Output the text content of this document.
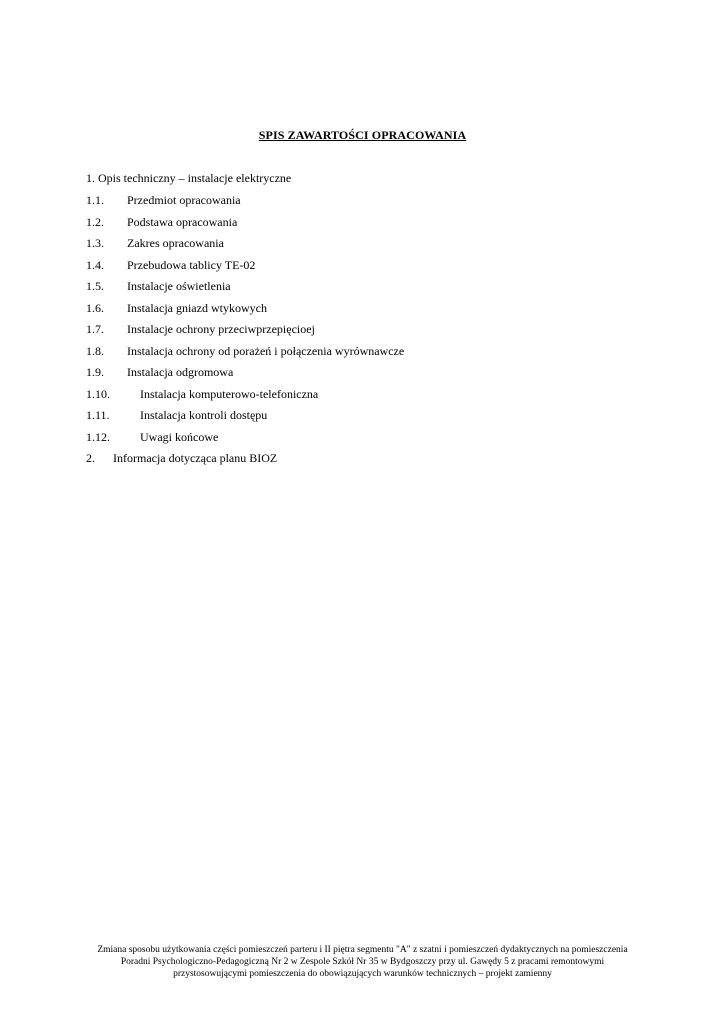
SPIS ZAWARTOŚCI OPRACOWANIA
1. Opis techniczny – instalacje elektryczne
1.1. Przedmiot opracowania
1.2. Podstawa opracowania
1.3. Zakres opracowania
1.4. Przebudowa tablicy TE-02
1.5. Instalacje oświetlenia
1.6. Instalacja gniazd wtykowych
1.7. Instalacje ochrony przeciwprzepięcioej
1.8. Instalacja ochrony od porażeń i połączenia wyrównawcze
1.9. Instalacja odgromowa
1.10.	Instalacja komputerowo-telefoniczna
1.11.	Instalacja kontroli dostępu
1.12.	Uwagi końcowe
2. Informacja dotycząca planu BIOZ
Zmiana sposobu użytkowania części pomieszczeń parteru i II piętra segmentu "A" z szatni i pomieszczeń dydaktycznych na pomieszczenia
Poradni Psychologiczno-Pedagogiczną Nr 2 w Zespole Szkół Nr 35 w Bydgoszczy przy ul. Gawędy 5 z pracami remontowymi
przystosowującymi pomieszczenia do obowiązujących warunków technicznych – projekt zamienny
